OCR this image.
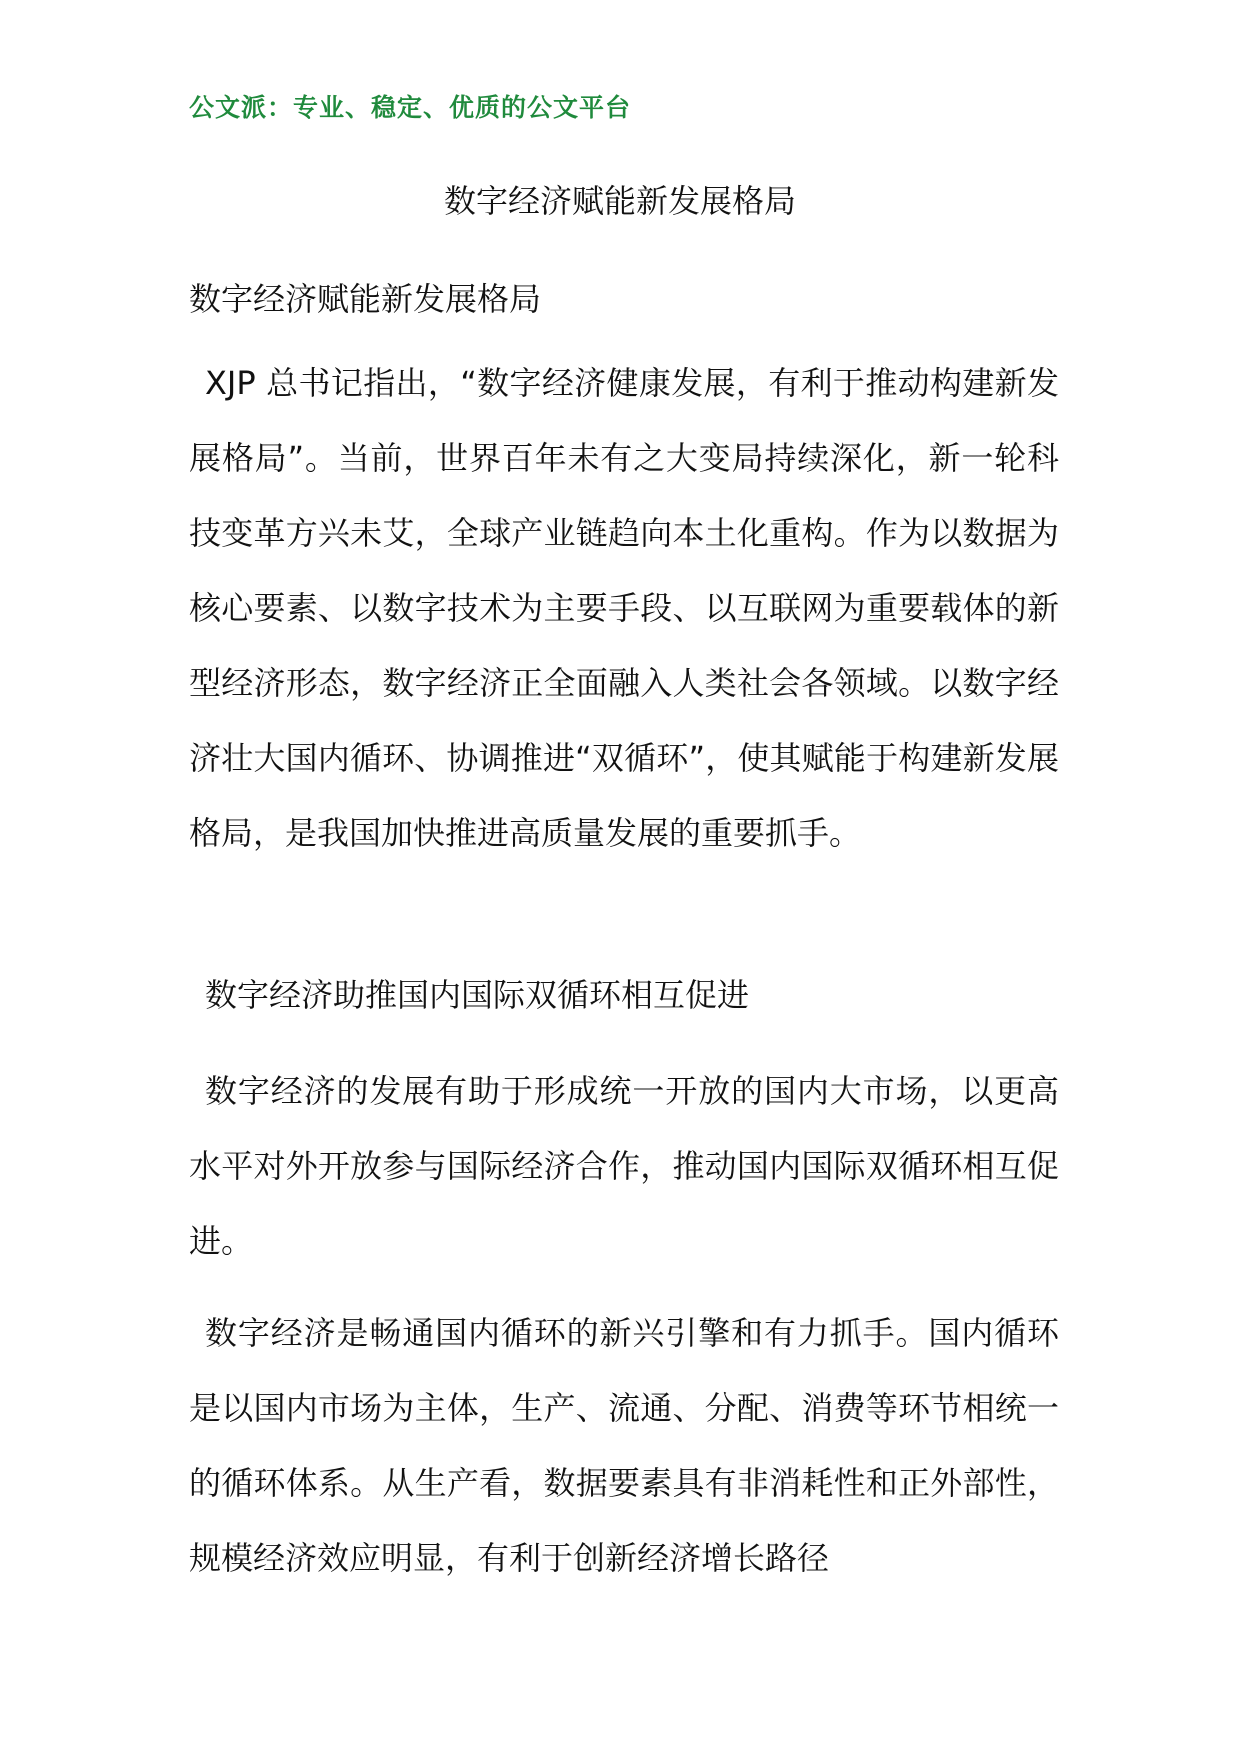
公文派：专业、稳定、优质的公文平台
数字经济赋能新发展格局
数字经济赋能新发展格局
XJP 总书记指出，“数字经济健康发展，有利于推动构建新发展格局”。当前，世界百年未有之大变局持续深化，新一轮科技变革方兴未艾，全球产业链趋向本土化重构。作为以数据为核心要素、以数字技术为主要手段、以互联网为重要载体的新型经济形态，数字经济正全面融入人类社会各领域。以数字经济壮大国内循环、协调推进“双循环”，使其赋能于构建新发展格局，是我国加快推进高质量发展的重要抓手。
数字经济助推国内国际双循环相互促进
数字经济的发展有助于形成统一开放的国内大市场，以更高水平对外开放参与国际经济合作，推动国内国际双循环相互促进。
数字经济是畅通国内循环的新兴引擎和有力抓手。国内循环是以国内市场为主体，生产、流通、分配、消费等环节相统一的循环体系。从生产看，数据要素具有非消耗性和正外部性，规模经济效应明显，有利于创新经济增长路径
